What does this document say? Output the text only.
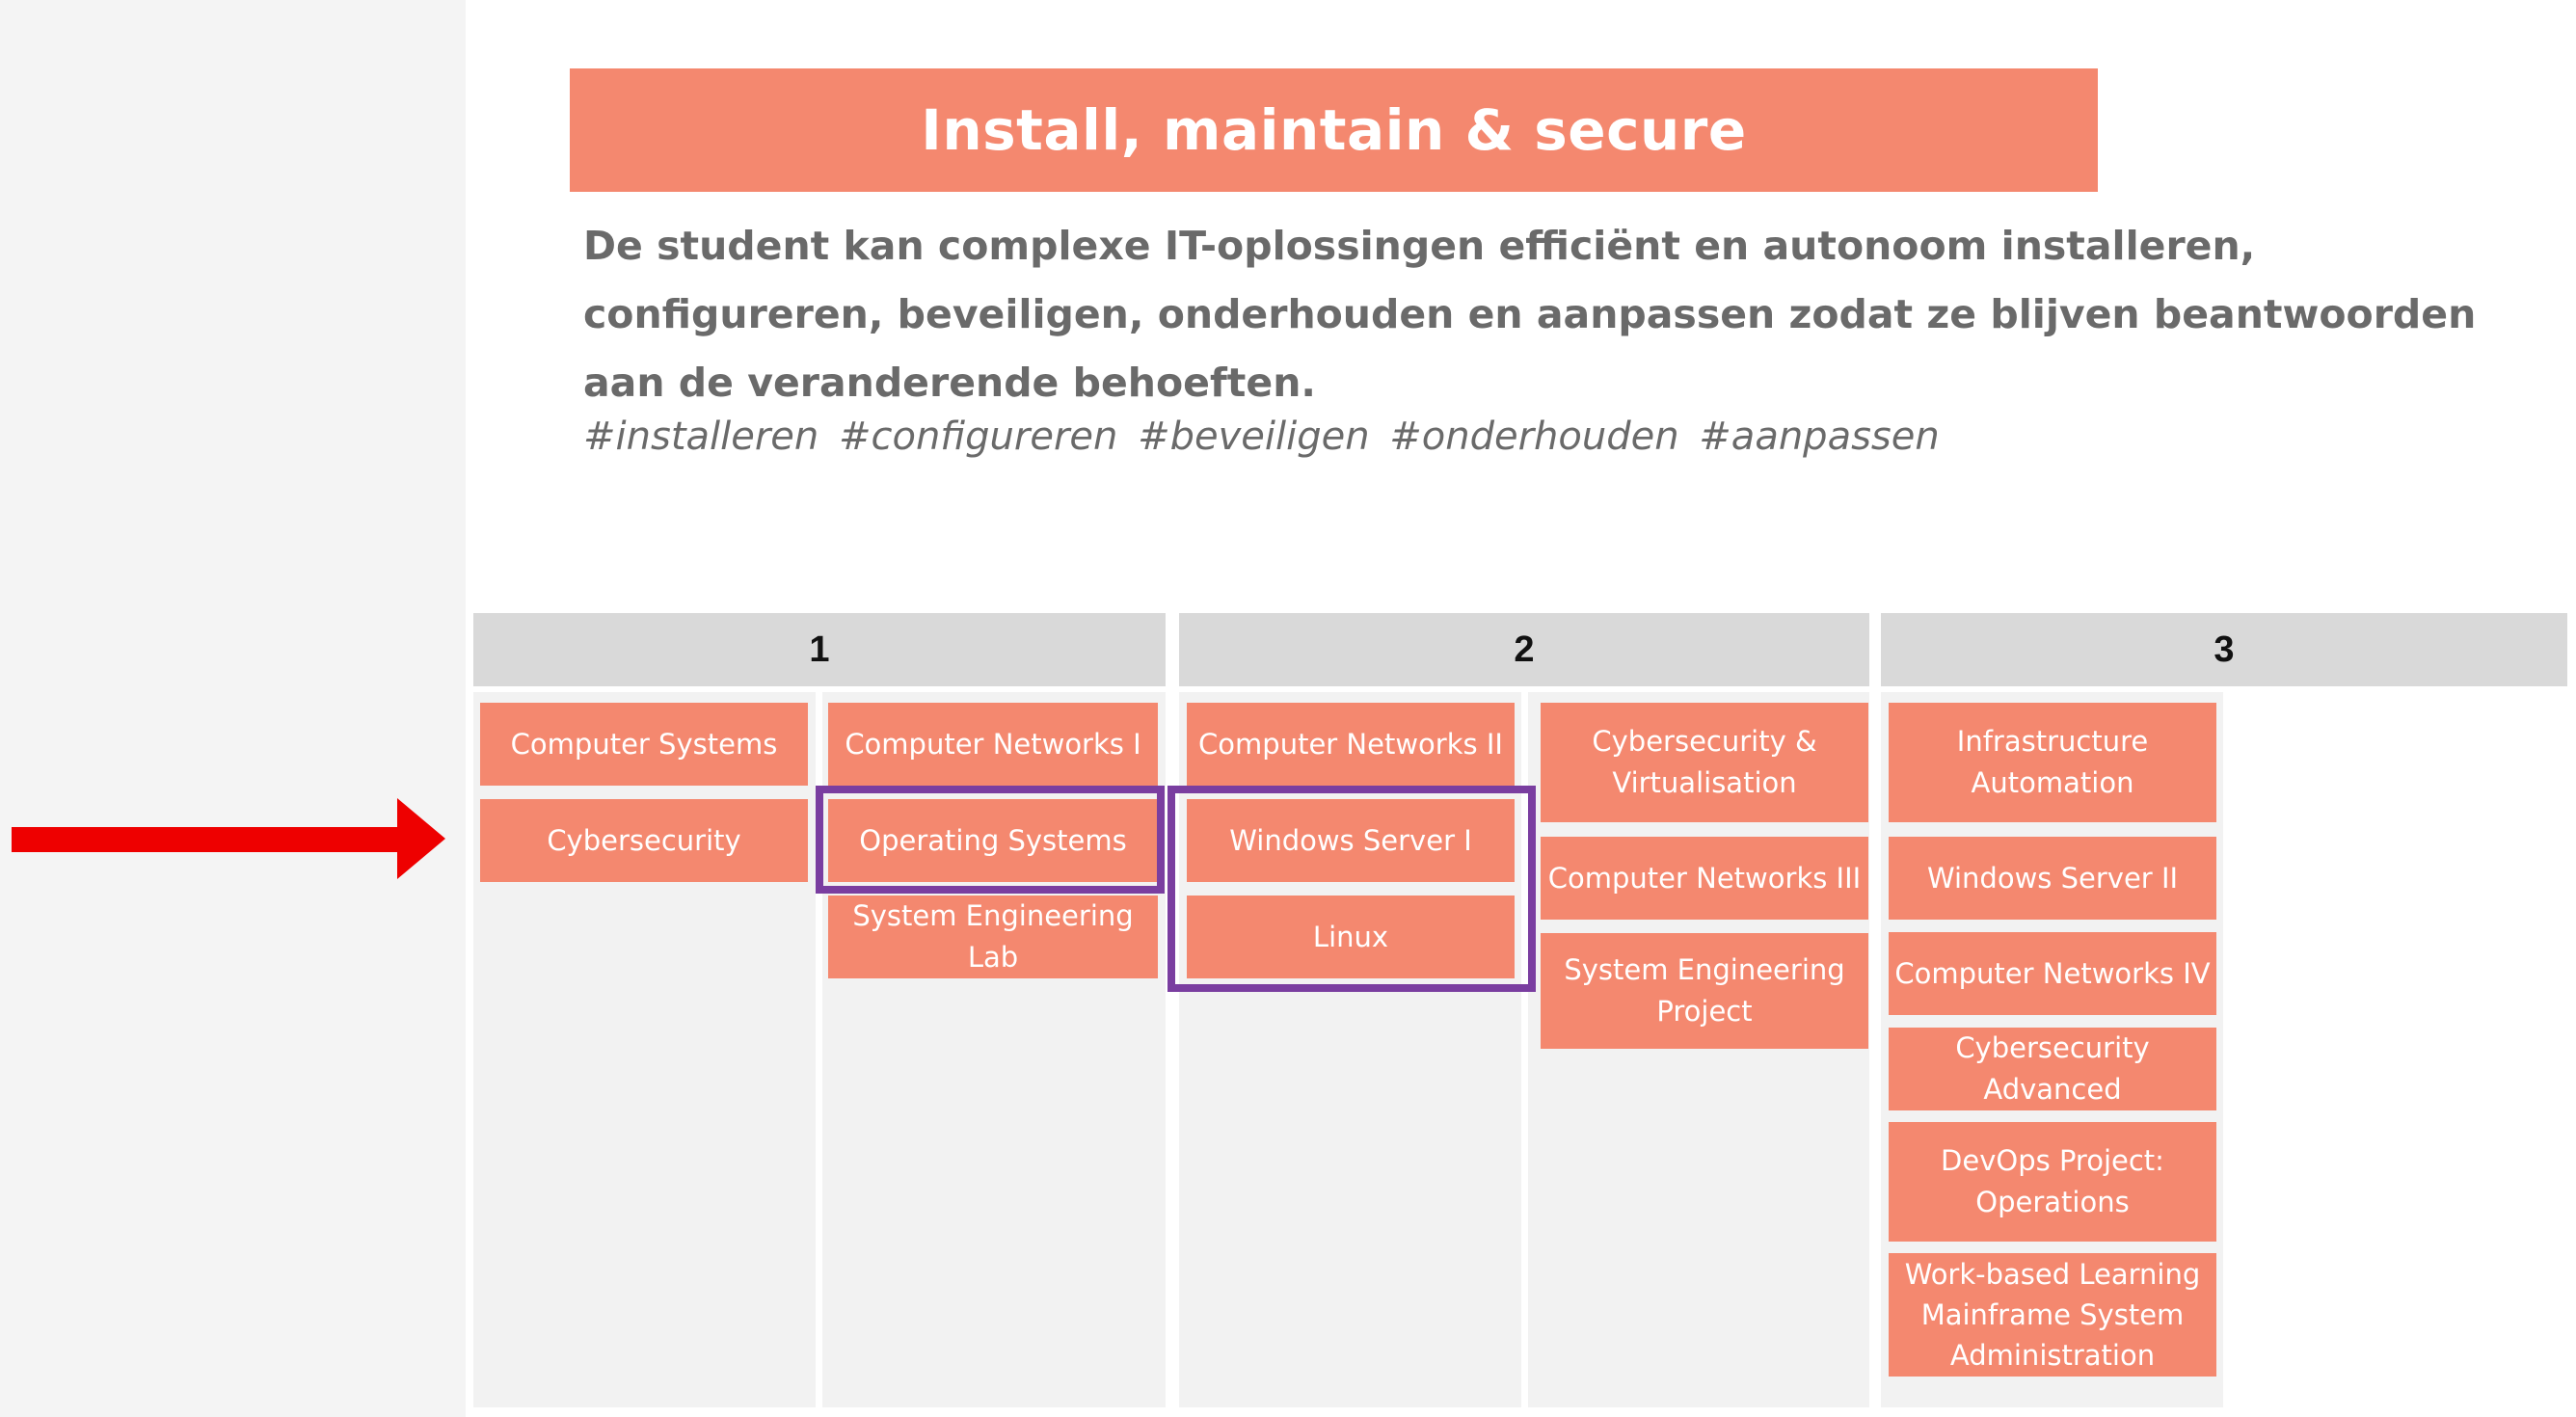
Install, maintain & secure
De student kan complexe IT-oplossingen efficiënt en autonoom installeren,
configureren, beveiligen, onderhouden en aanpassen zodat ze blijven beantwoorden
aan de veranderende behoeften.
#installeren #configureren #beveiligen #onderhouden #aanpassen
1	2	3
Computer Systems
Cybersecurity
Computer Networks I
Operating Systems
System Engineering Lab
Computer Networks II
Windows Server I
Linux
Cybersecurity & Virtualisation
Computer Networks III
System Engineering Project
Infrastructure Automation
Windows Server II
Computer Networks IV
Cybersecurity Advanced
DevOps Project: Operations
Work-based Learning Mainframe System Administration
